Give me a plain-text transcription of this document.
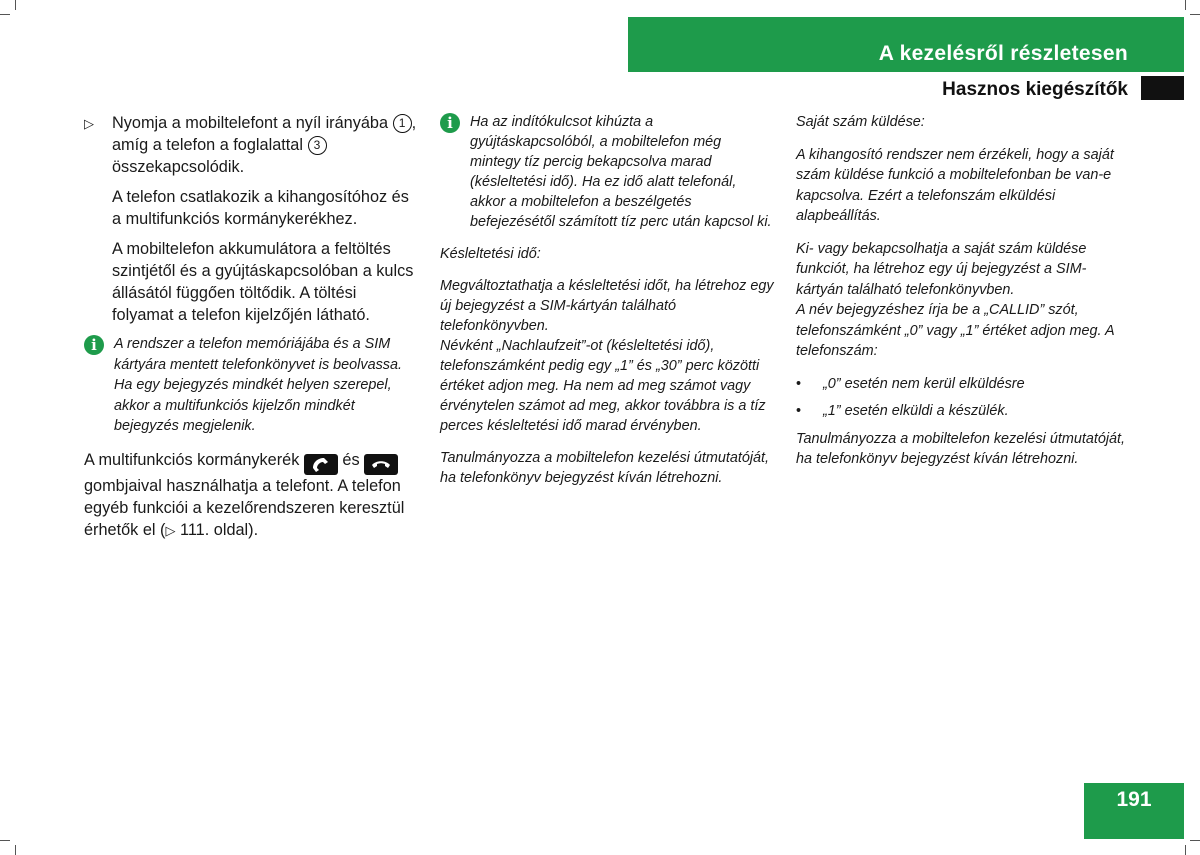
A kezelésről részletesen
Hasznos kiegészítők
▷ Nyomja a mobiltelefont a nyíl irányába 1 , amíg a telefon a foglalattal 3 összekapcsolódik.

A telefon csatlakozik a kihangosítóhoz és a multifunkciós kormánykerékhez.

A mobiltelefon akkumulátora a feltöltés szintjétől és a gyújtáskapcsolóban a kulcs állásától függően töltődik. A töltési folyamat a telefon kijelzőjén látható.

i	A rendszer a telefon memóriájába és a SIM kártyára mentett telefonkönyvet is beolvassa. Ha egy bejegyzés mindkét helyen szerepel, akkor a multifunkciós kijelzőn mindkét bejegyzés megjelenik.

A multifunkciós kormánykerék	és  gombjaival használhatja a telefont. A telefon egyéb funkciói a kezelőrendszeren keresztül érhetők el (▷ 111. oldal).

i	Ha az indítókulcsot kihúzta a gyújtáskapcsolóból, a mobiltelefon még mintegy tíz percig bekapcsolva marad (késleltetési idő). Ha ez idő alatt telefonál, akkor a mobiltelefon a beszélgetés befejezésétől számított tíz perc után kapcsol ki.

Késleltetési idő:

Megváltoztathatja a késleltetési időt, ha létrehoz egy új bejegyzést a SIM-kártyán található telefonkönyvben.

Névként „Nachlaufzeit”-ot (késleltetési idő), telefonszámként pedig egy „1” és „30” perc közötti értéket adjon meg. Ha nem ad meg számot vagy érvénytelen számot ad meg, akkor továbbra is a tíz perces késleltetési idő marad érvényben.

Tanulmányozza a mobiltelefon kezelési útmutatóját, ha telefonkönyv bejegyzést kíván létrehozni.

Saját szám küldése:

A kihangosító rendszer nem érzékeli, hogy a saját szám küldése funkció a mobiltelefonban be van-e kapcsolva. Ezért a telefonszám elküldési alapbeállítás.

Ki- vagy bekapcsolhatja a saját szám küldése funkciót, ha létrehoz egy új bejegyzést a SIM-kártyán található telefonkönyvben.

A név bejegyzéshez írja be a „CALLID” szót, telefonszámként „0” vagy „1” értéket adjon meg. A telefonszám:

• „0” esetén nem kerül elküldésre
• „1” esetén elküldi a készülék.

Tanulmányozza a mobiltelefon kezelési útmutatóját, ha telefonkönyv bejegyzést kíván létrehozni.

191
